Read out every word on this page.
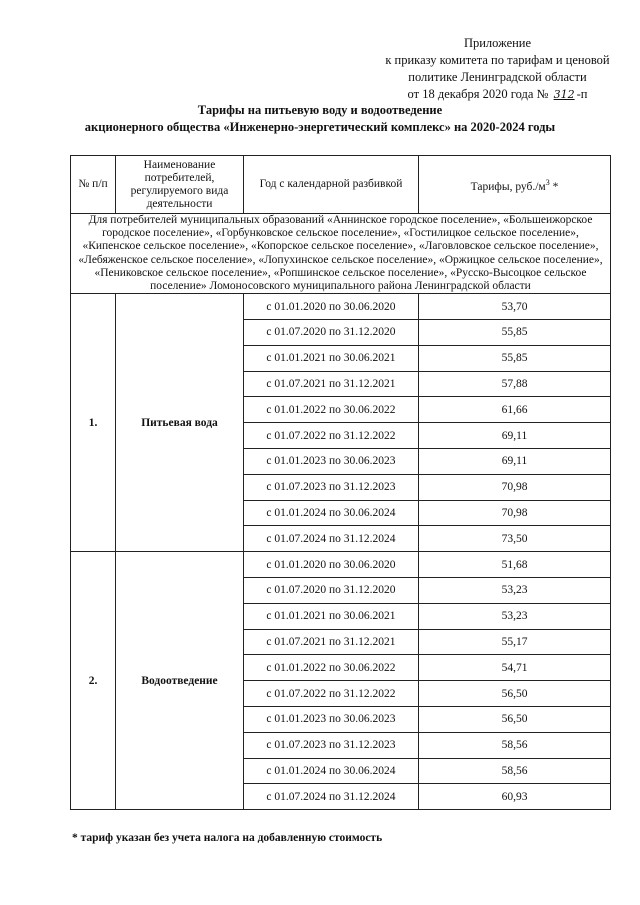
Приложение
к приказу комитета по тарифам и ценовой
политике Ленинградской области
от 18 декабря 2020 года № 312 -п
Тарифы на питьевую воду и водоотведение
акционерного общества «Инженерно-энергетический комплекс» на 2020-2024 годы
№ п/п	Наименование потребителей, регулируемого вида деятельности	Год с календарной разбивкой	Тарифы, $руб./м^3$ *
Для потребителей муниципальных образований «Аннинское городское поселение», «Большеижорское городское поселение», «Горбунковское сельское поселение», «Гостилицкое сельское поселение», «Кипенское сельское поселение», «Копорское сельское поселение», «Лаговловское сельское поселение», «Лебяженское сельское поселение», «Лопухинское сельское поселение», «Оржицкое сельское поселение», «Пениковское сельское поселение», «Ропшинское сельское поселение», «Русско-Высоцкое сельское поселение» Ломоносовского муниципального района Ленинградской области			
1.	Питьевая вода	с 01.01.2020 по 30.06.2020	53,70
		с 01.07.2020 по 31.12.2020	55,85
		с 01.01.2021 по 30.06.2021	55,85
		с 01.07.2021 по 31.12.2021	57,88
		с 01.01.2022 по 30.06.2022	61,66
		с 01.07.2022 по 31.12.2022	69,11
		с 01.01.2023 по 30.06.2023	69,11
		с 01.07.2023 по 31.12.2023	70,98
		с 01.01.2024 по 30.06.2024	70,98
		с 01.07.2024 по 31.12.2024	73,50
2.	Водоотведение	с 01.01.2020 по 30.06.2020	51,68
		с 01.07.2020 по 31.12.2020	53,23
		с 01.01.2021 по 30.06.2021	53,23
		с 01.07.2021 по 31.12.2021	55,17
		с 01.01.2022 по 30.06.2022	54,71
		с 01.07.2022 по 31.12.2022	56,50
		с 01.01.2023 по 30.06.2023	56,50
		с 01.07.2023 по 31.12.2023	58,56
		с 01.01.2024 по 30.06.2024	58,56
		с 01.07.2024 по 31.12.2024	60,93
* тариф указан без учета налога на добавленную стоимость
